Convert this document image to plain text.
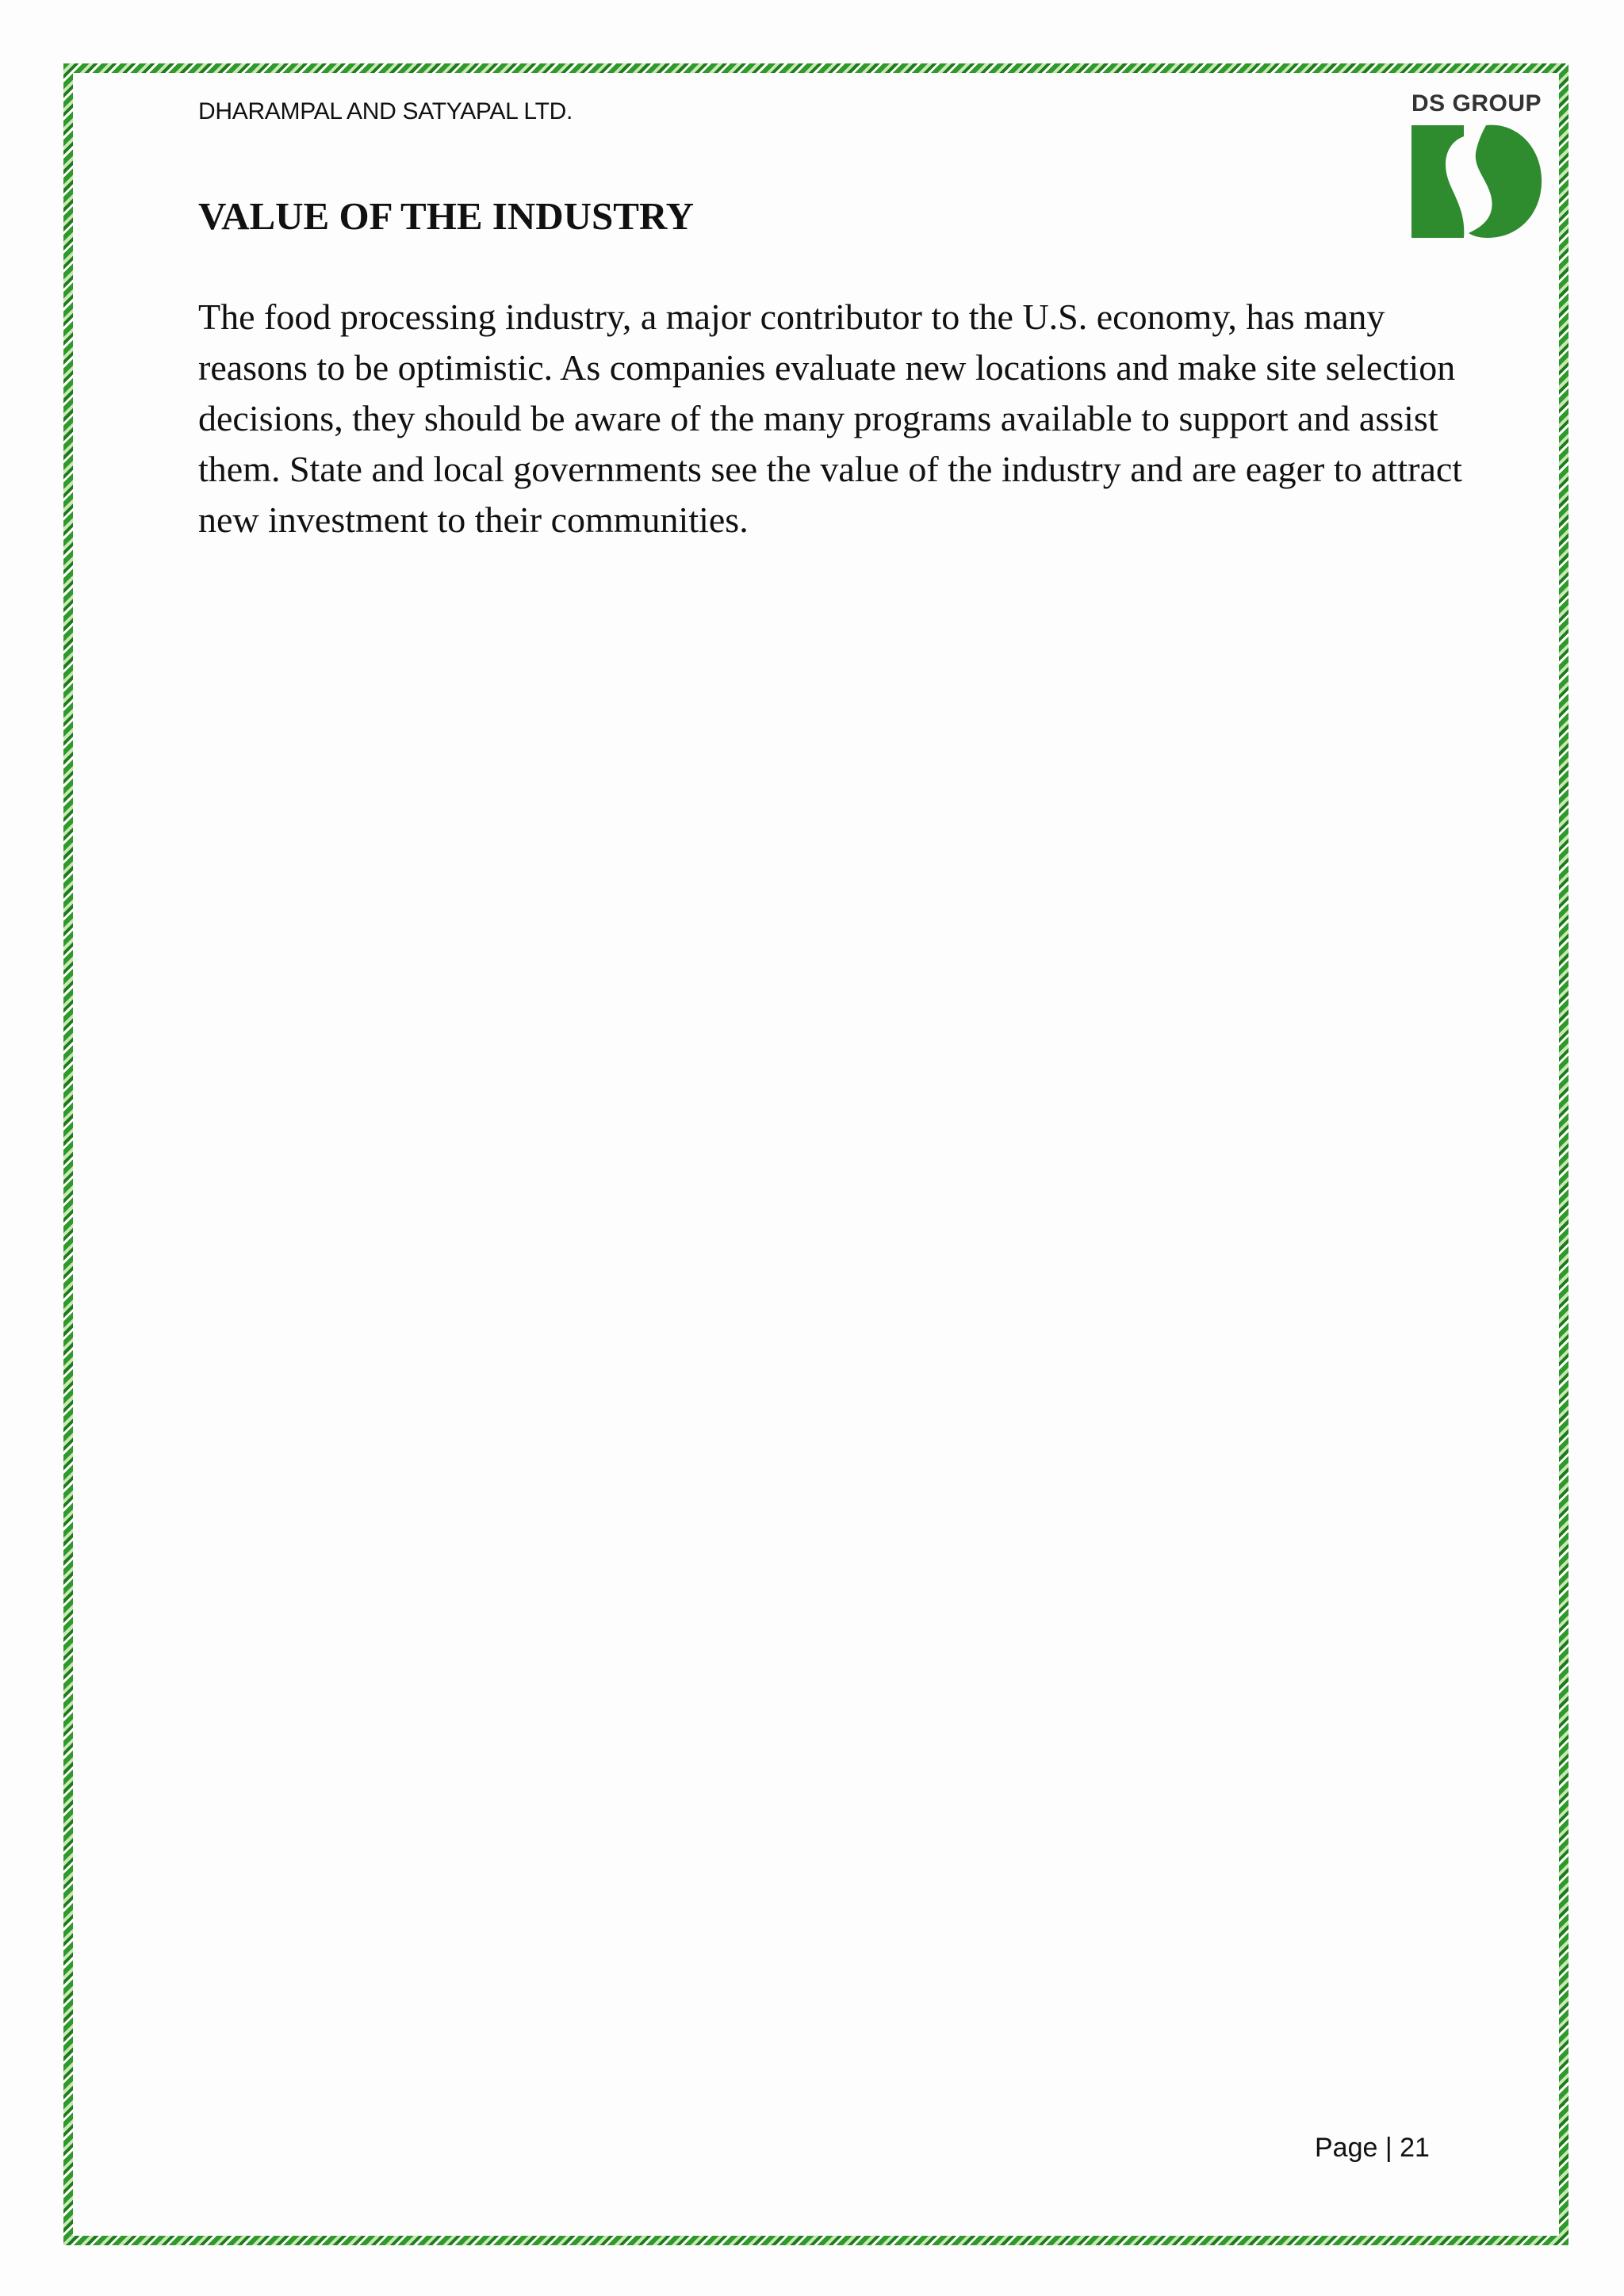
DHARAMPAL AND SATYAPAL LTD.	DS GROUP
VALUE OF THE INDUSTRY
The food processing industry, a major contributor to the U.S. economy, has many reasons to be optimistic. As companies evaluate new locations and make site selection decisions, they should be aware of the many programs available to support and assist them. State and local governments see the value of the industry and are eager to attract new investment to their communities.
Page | 21
